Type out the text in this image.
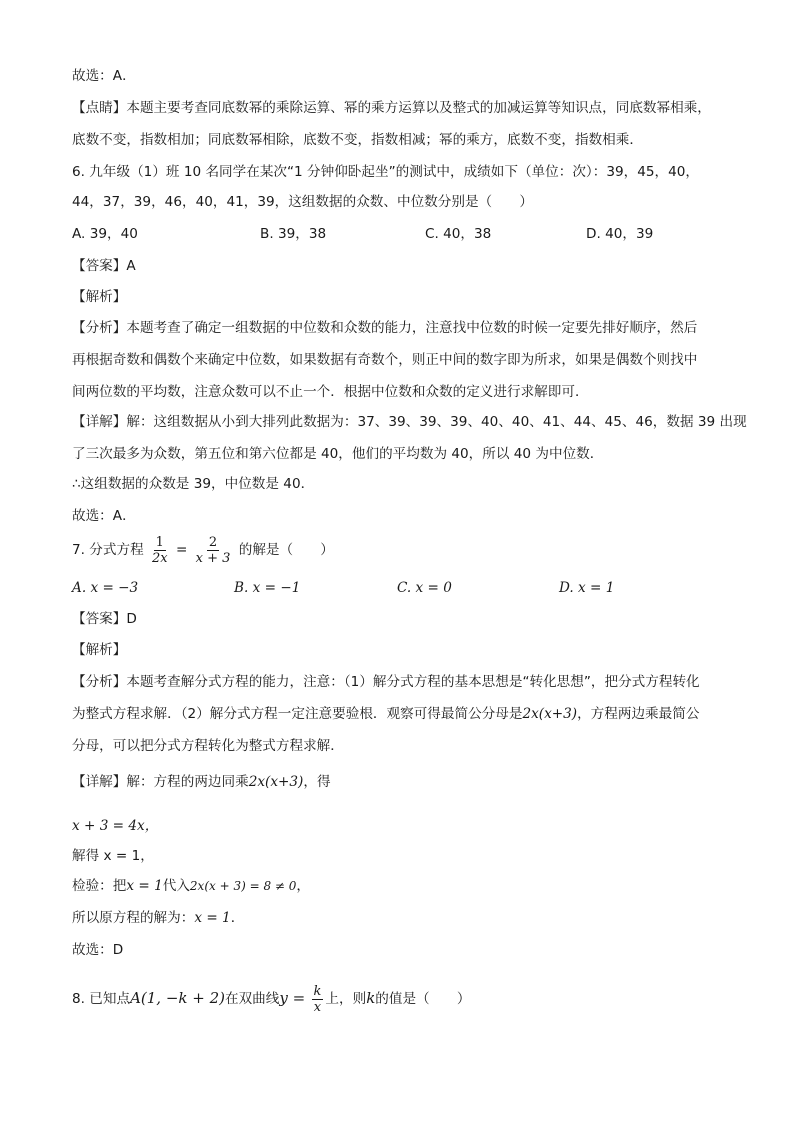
故选：A．
【点睛】本题主要考查同底数幂的乘除运算、幂的乘方运算以及整式的加减运算等知识点，同底数幂相乘，
底数不变，指数相加；同底数幂相除，底数不变，指数相减；幂的乘方，底数不变，指数相乘．
6. 九年级（1）班 10 名同学在某次“1 分钟仰卧起坐”的测试中，成绩如下（单位：次）：39，45，40，
44，37，39，46，40，41，39，这组数据的众数、中位数分别是（　　）
A. 39，40	B. 39，38	C. 40，38	D. 40，39
【答案】A
【解析】
【分析】本题考查了确定一组数据的中位数和众数的能力，注意找中位数的时候一定要先排好顺序，然后
再根据奇数和偶数个来确定中位数，如果数据有奇数个，则正中间的数字即为所求，如果是偶数个则找中
间两位数的平均数，注意众数可以不止一个．根据中位数和众数的定义进行求解即可．
【详解】解：这组数据从小到大排列此数据为：37、39、39、39、40、40、41、44、45、46，数据 39 出现
了三次最多为众数，第五位和第六位都是 40，他们的平均数为 40，所以 40 为中位数．
∴这组数据的众数是 39，中位数是 40．
故选：A．
7. 分式方程 $\frac{1}{2x} = \frac{2}{x + 3}$ 的解是（　　）
A. x = −3	B. x = −1	C. x = 0	D. x = 1
【答案】D
【解析】
【分析】本题考查解分式方程的能力，注意：（1）解分式方程的基本思想是“转化思想”，把分式方程转化
为整式方程求解．（2）解分式方程一定注意要验根．观察可得最简公分母是2x(x+3)，方程两边乘最简公
分母，可以把分式方程转化为整式方程求解．
【详解】解：方程的两边同乘2x(x+3)，得
x + 3 = 4x，
解得 x = 1，
检验：把x = 1代入2x(x + 3) = 8 ≠ 0，
所以原方程的解为：x = 1．
故选：D
8. 已知点A(1, −k + 2)在双曲线$y = \frac{k}{x}$ 上，则k的值是（　　）
